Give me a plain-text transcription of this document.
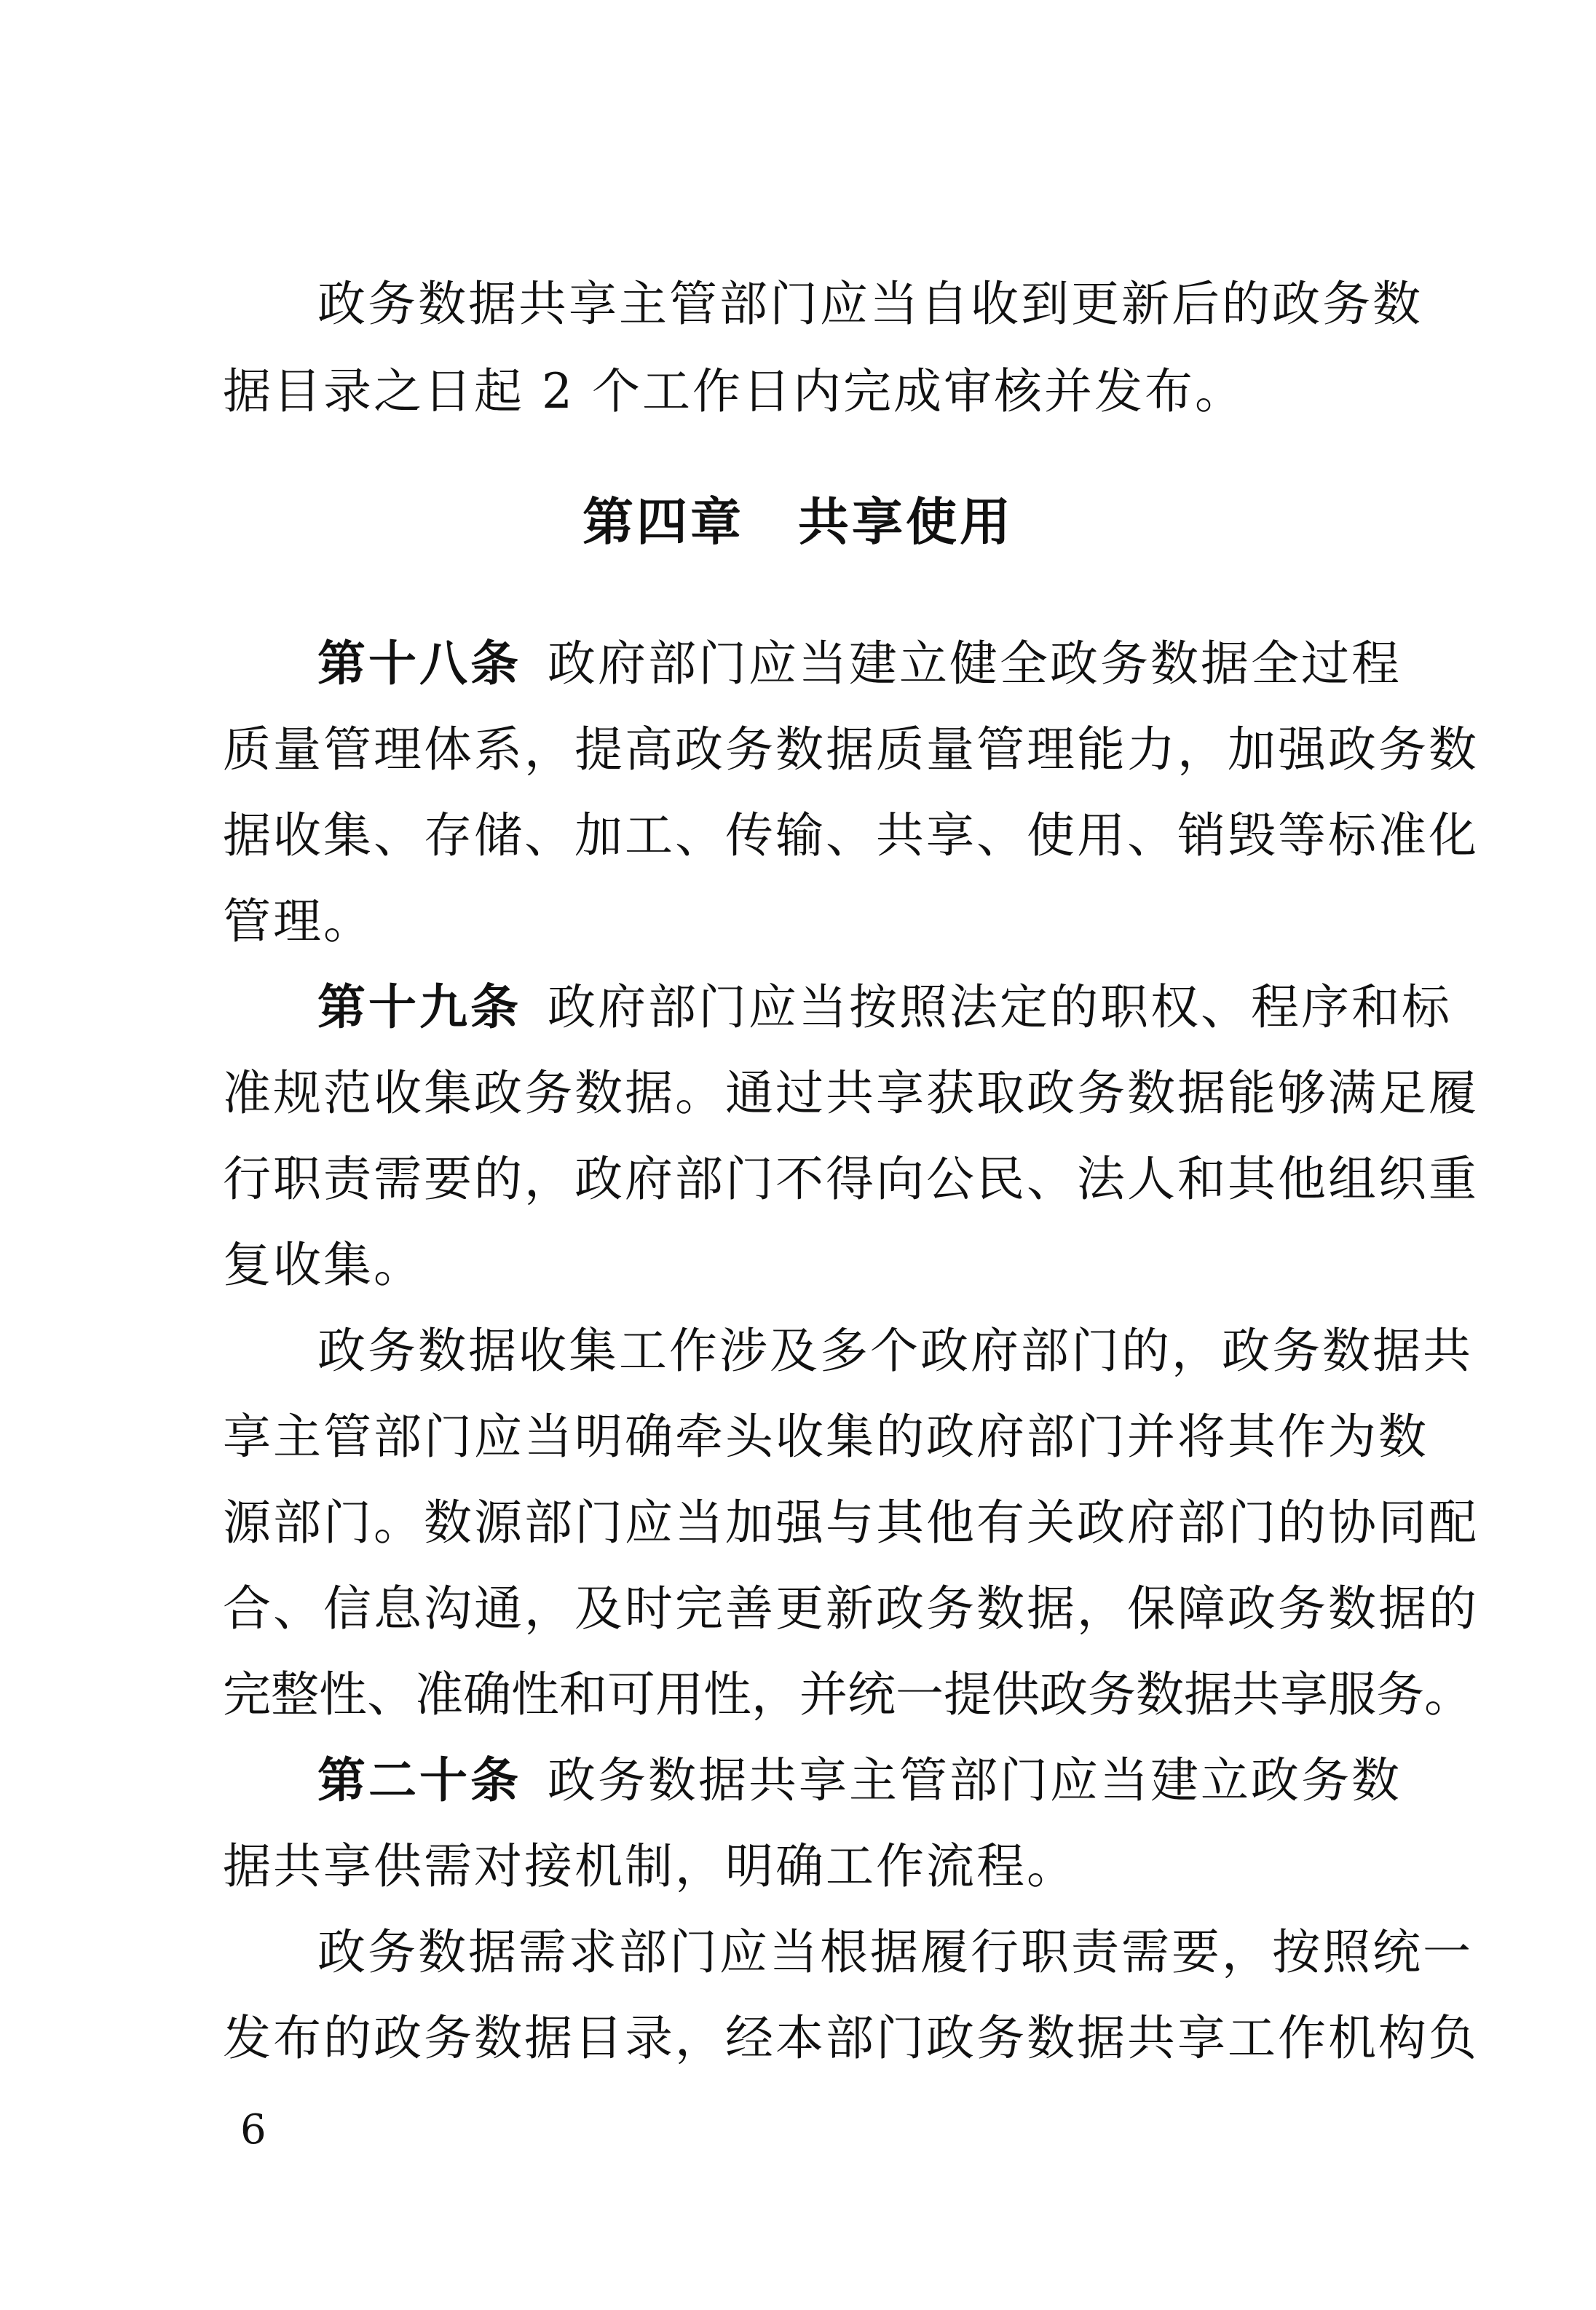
政务数据共享主管部门应当自收到更新后的政务数
据目录之日起 2 个工作日内完成审核并发布。
第四章　共享使用
第十八条 政府部门应当建立健全政务数据全过程
质量管理体系，提高政务数据质量管理能力，加强政务数
据收集、存储、加工、传输、共享、使用、销毁等标准化
管理。
第十九条 政府部门应当按照法定的职权、程序和标
准规范收集政务数据。通过共享获取政务数据能够满足履
行职责需要的，政府部门不得向公民、法人和其他组织重
复收集。
政务数据收集工作涉及多个政府部门的，政务数据共
享主管部门应当明确牵头收集的政府部门并将其作为数
源部门。数源部门应当加强与其他有关政府部门的协同配
合、信息沟通，及时完善更新政务数据，保障政务数据的
完整性、准确性和可用性，并统一提供政务数据共享服务。
第二十条 政务数据共享主管部门应当建立政务数
据共享供需对接机制，明确工作流程。
政务数据需求部门应当根据履行职责需要，按照统一
发布的政务数据目录，经本部门政务数据共享工作机构负
6
